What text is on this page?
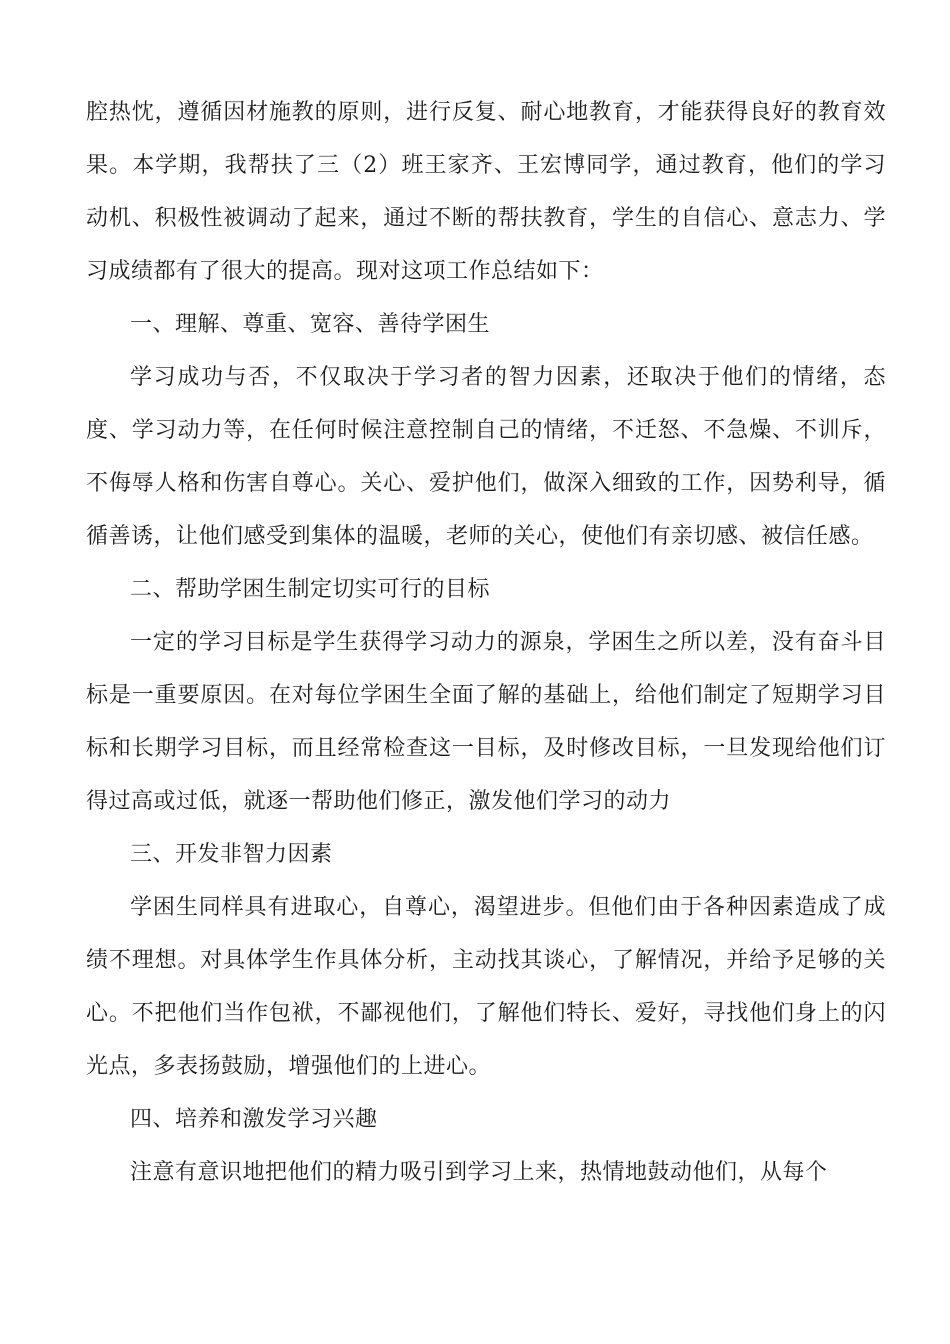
腔热忱，遵循因材施教的原则，进行反复、耐心地教育，才能获得良好的教育效果。本学期，我帮扶了三（2）班王家齐、王宏博同学，通过教育，他们的学习动机、积极性被调动了起来，通过不断的帮扶教育，学生的自信心、意志力、学习成绩都有了很大的提高。现对这项工作总结如下：

一、理解、尊重、宽容、善待学困生

学习成功与否，不仅取决于学习者的智力因素，还取决于他们的情绪，态度、学习动力等，在任何时候注意控制自己的情绪，不迁怒、不急燥、不训斥，不侮辱人格和伤害自尊心。关心、爱护他们，做深入细致的工作，因势利导，循循善诱，让他们感受到集体的温暖，老师的关心，使他们有亲切感、被信任感。

二、帮助学困生制定切实可行的目标

一定的学习目标是学生获得学习动力的源泉，学困生之所以差，没有奋斗目标是一重要原因。在对每位学困生全面了解的基础上，给他们制定了短期学习目标和长期学习目标，而且经常检查这一目标，及时修改目标，一旦发现给他们订得过高或过低，就逐一帮助他们修正，激发他们学习的动力

三、开发非智力因素

学困生同样具有进取心，自尊心，渴望进步。但他们由于各种因素造成了成绩不理想。对具体学生作具体分析，主动找其谈心，了解情况，并给予足够的关心。不把他们当作包袱，不鄙视他们，了解他们特长、爱好，寻找他们身上的闪光点，多表扬鼓励，增强他们的上进心。

四、培养和激发学习兴趣

注意有意识地把他们的精力吸引到学习上来，热情地鼓动他们，从每个
